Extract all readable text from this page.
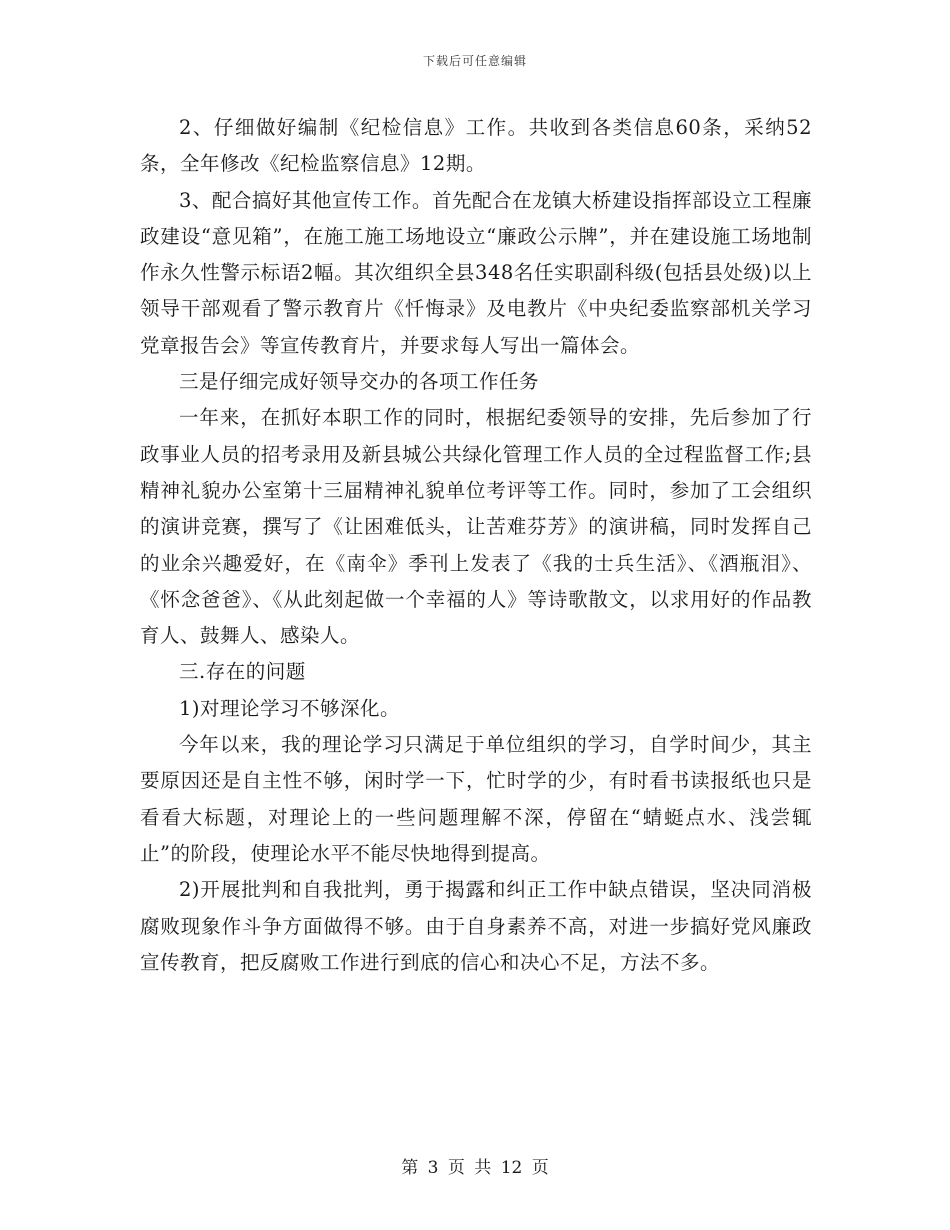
下载后可任意编辑

2、仔细做好编制《纪检信息》工作。共收到各类信息60条，采纳52条，全年修改《纪检监察信息》12期。

3、配合搞好其他宣传工作。首先配合在龙镇大桥建设指挥部设立工程廉政建设“意见箱”，在施工施工场地设立“廉政公示牌”，并在建设施工场地制作永久性警示标语2幅。其次组织全县348名任实职副科级(包括县处级)以上领导干部观看了警示教育片《忏悔录》及电教片《中央纪委监察部机关学习党章报告会》等宣传教育片，并要求每人写出一篇体会。

三是仔细完成好领导交办的各项工作任务

一年来，在抓好本职工作的同时，根据纪委领导的安排，先后参加了行政事业人员的招考录用及新县城公共绿化管理工作人员的全过程监督工作;县精神礼貌办公室第十三届精神礼貌单位考评等工作。同时，参加了工会组织的演讲竞赛，撰写了《让困难低头，让苦难芬芳》的演讲稿，同时发挥自己的业余兴趣爱好，在《南伞》季刊上发表了《我的士兵生活》、《酒瓶泪》、《怀念爸爸》、《从此刻起做一个幸福的人》等诗歌散文，以求用好的作品教育人、鼓舞人、感染人。

三.存在的问题

1)对理论学习不够深化。

今年以来，我的理论学习只满足于单位组织的学习，自学时间少，其主要原因还是自主性不够，闲时学一下，忙时学的少，有时看书读报纸也只是看看大标题，对理论上的一些问题理解不深，停留在“蜻蜓点水、浅尝辄止”的阶段，使理论水平不能尽快地得到提高。

2)开展批判和自我批判，勇于揭露和纠正工作中缺点错误，坚决同消极腐败现象作斗争方面做得不够。由于自身素养不高，对进一步搞好党风廉政宣传教育，把反腐败工作进行到底的信心和决心不足，方法不多。

第 3 页 共 12 页
